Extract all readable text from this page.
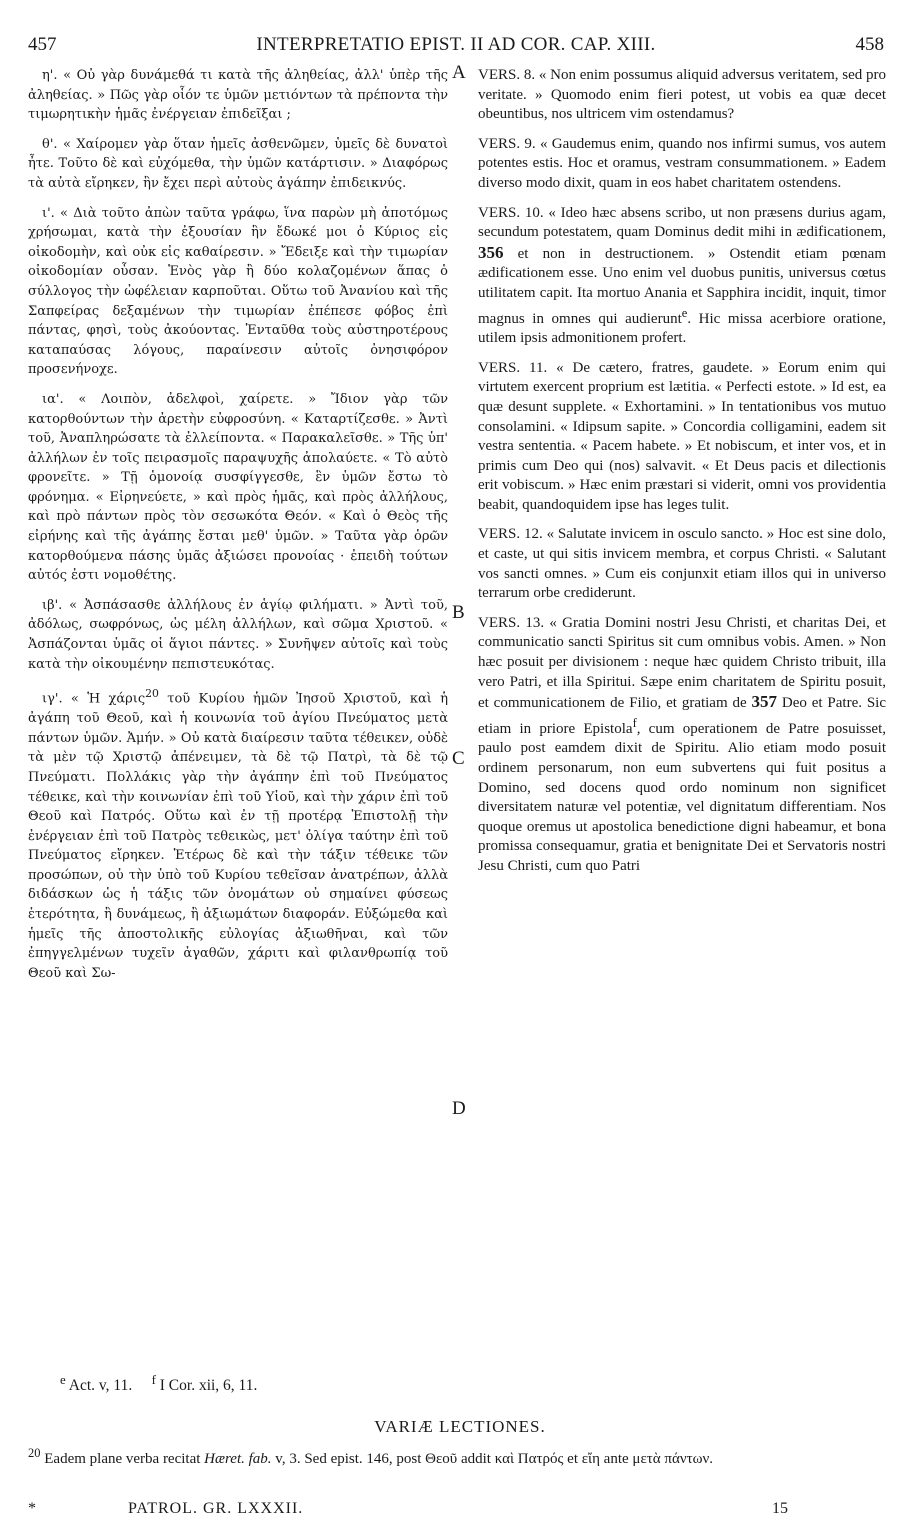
457	INTERPRETATIO EPIST. II AD COR. CAP. XIII.	458
A
B
C
D

η'. « Οὐ γὰρ δυνάμεθά τι κατὰ τῆς ἀληθείας, ἀλλ' ὑπὲρ τῆς ἀληθείας. » Πῶς γὰρ οἷόν τε ὑμῶν μετιόντων τὰ πρέποντα τὴν τιμωρητικὴν ἡμᾶς ἐνέργειαν ἐπιδεῖξαι ;

θ'. « Χαίρομεν γὰρ ὅταν ἡμεῖς ἀσθενῶμεν, ὑμεῖς δὲ δυνατοὶ ἦτε. Τοῦτο δὲ καὶ εὐχόμεθα, τὴν ὑμῶν κατάρτισιν. » Διαφόρως τὰ αὐτὰ εἴρηκεν, ἣν ἔχει περὶ αὐτοὺς ἀγάπην ἐπιδεικνύς.

ι'. « Διὰ τοῦτο ἀπὼν ταῦτα γράφω, ἵνα παρὼν μὴ ἀποτόμως χρήσωμαι, κατὰ τὴν ἐξουσίαν ἣν ἔδωκέ μοι ὁ Κύριος εἰς οἰκοδομὴν, καὶ οὐκ εἰς καθαίρεσιν. » Ἔδειξε καὶ τὴν τιμωρίαν οἰκοδομίαν οὖσαν. Ἑνὸς γὰρ ἢ δύο κολαζομένων ἅπας ὁ σύλλογος τὴν ὠφέλειαν καρποῦται. Οὕτω τοῦ Ἀνανίου καὶ τῆς Σαπφείρας δεξαμένων τὴν τιμωρίαν ἐπέπεσε φόβος ἐπὶ πάντας, φησὶ, τοὺς ἀκούοντας. Ἐνταῦθα τοὺς αὐστηροτέρους καταπαύσας λόγους, παραίνεσιν αὐτοῖς ὀνησιφόρον προσενήνοχε.

ια'. « Λοιπὸν, ἀδελφοὶ, χαίρετε. » Ἴδιον γὰρ τῶν κατορθούντων τὴν ἀρετὴν εὐφροσύνη. « Καταρτίζεσθε. » Ἀντὶ τοῦ, Ἀναπληρώσατε τὰ ἐλλείποντα. « Παρακαλεῖσθε. » Τῆς ὑπ' ἀλλήλων ἐν τοῖς πειρασμοῖς παραψυχῆς ἀπολαύετε. « Τὸ αὐτὸ φρονεῖτε. » Τῇ ὁμονοίᾳ συσφίγγεσθε, ἓν ὑμῶν ἔστω τὸ φρόνημα. « Εἰρηνεύετε, » καὶ πρὸς ἡμᾶς, καὶ πρὸς ἀλλήλους, καὶ πρὸ πάντων πρὸς τὸν σεσωκότα Θεόν. « Καὶ ὁ Θεὸς τῆς εἰρήνης καὶ τῆς ἀγάπης ἔσται μεθ' ὑμῶν. » Ταῦτα γὰρ ὁρῶν κατορθούμενα πάσης ὑμᾶς ἀξιώσει προνοίας · ἐπειδὴ τούτων αὐτός ἐστι νομοθέτης.

ιβ'. « Ἀσπάσασθε ἀλλήλους ἐν ἁγίῳ φιλήματι. » Ἀντὶ τοῦ, ἀδόλως, σωφρόνως, ὡς μέλη ἀλλήλων, καὶ σῶμα Χριστοῦ. « Ἀσπάζονται ὑμᾶς οἱ ἅγιοι πάντες. » Συνῆψεν αὐτοῖς καὶ τοὺς κατὰ τὴν οἰκουμένην πεπιστευκότας.

ιγ'. « Ἡ χάρις$^{20}$ τοῦ Κυρίου ἡμῶν Ἰησοῦ Χριστοῦ, καὶ ἡ ἀγάπη τοῦ Θεοῦ, καὶ ἡ κοινωνία τοῦ ἁγίου Πνεύματος μετὰ πάντων ὑμῶν. Ἀμήν. » Οὐ κατὰ διαίρεσιν ταῦτα τέθεικεν, οὐδὲ τὰ μὲν τῷ Χριστῷ ἀπένειμεν, τὰ δὲ τῷ Πατρὶ, τὰ δὲ τῷ Πνεύματι. Πολλάκις γὰρ τὴν ἀγάπην ἐπὶ τοῦ Πνεύματος τέθεικε, καὶ τὴν κοινωνίαν ἐπὶ τοῦ Υἱοῦ, καὶ τὴν χάριν ἐπὶ τοῦ Θεοῦ καὶ Πατρός. Οὕτω καὶ ἐν τῇ προτέρᾳ Ἐπιστολῇ τὴν ἐνέργειαν ἐπὶ τοῦ Πατρὸς τεθεικὼς, μετ' ὀλίγα ταύτην ἐπὶ τοῦ Πνεύματος εἴρηκεν. Ἑτέρως δὲ καὶ τὴν τάξιν τέθεικε τῶν προσώπων, οὐ τὴν ὑπὸ τοῦ Κυρίου τεθεῖσαν ἀνατρέπων, ἀλλὰ διδάσκων ὡς ἡ τάξις τῶν ὀνομάτων οὐ σημαίνει φύσεως ἑτερότητα, ἢ δυνάμεως, ἢ ἀξιωμάτων διαφοράν. Εὐξώμεθα καὶ ἡμεῖς τῆς ἀποστολικῆς εὐλογίας ἀξιωθῆναι, καὶ τῶν ἐπηγγελμένων τυχεῖν ἀγαθῶν, χάριτι καὶ φιλανθρωπίᾳ τοῦ Θεοῦ καὶ Σω-

VERS. 8. « Non enim possumus aliquid adversus veritatem, sed pro veritate. » Quomodo enim fieri potest, ut vobis ea quæ decet obeuntibus, nos ultricem vim ostendamus?

VERS. 9. « Gaudemus enim, quando nos infirmi sumus, vos autem potentes estis. Hoc et oramus, vestram consummationem. » Eadem diverso modo dixit, quam in eos habet charitatem ostendens.

VERS. 10. « Ideo hæc absens scribo, ut non præsens durius agam, secundum potestatem, quam Dominus dedit mihi in ædificationem, 356 et non in destructionem. » Ostendit etiam pœnam ædificationem esse. Uno enim vel duobus punitis, universus cœtus utilitatem capit. Ita mortuo Anania et Sapphira incidit, inquit, timor magnus in omnes qui audierunt$^e$. Hic missa acerbiore oratione, utilem ipsis admonitionem profert.

VERS. 11. « De cætero, fratres, gaudete. » Eorum enim qui virtutem exercent proprium est lætitia. « Perfecti estote. » Id est, ea quæ desunt supplete. « Exhortamini. » In tentationibus vos mutuo consolamini. « Idipsum sapite. » Concordia colligamini, eadem sit vestra sententia. « Pacem habete. » Et nobiscum, et inter vos, et in primis cum Deo qui (nos) salvavit. « Et Deus pacis et dilectionis erit vobiscum. » Hæc enim præstari si viderit, omni vos providentia beabit, quandoquidem ipse has leges tulit.

VERS. 12. « Salutate invicem in osculo sancto. » Hoc est sine dolo, et caste, ut qui sitis invicem membra, et corpus Christi. « Salutant vos sancti omnes. » Cum eis conjunxit etiam illos qui in universo terrarum orbe crediderunt.

VERS. 13. « Gratia Domini nostri Jesu Christi, et charitas Dei, et communicatio sancti Spiritus sit cum omnibus vobis. Amen. » Non hæc posuit per divisionem : neque hæc quidem Christo tribuit, illa vero Patri, et illa Spiritui. Sæpe enim charitatem de Spiritu posuit, et communicationem de Filio, et gratiam de 357 Deo et Patre. Sic etiam in priore Epistola$^f$, cum operationem de Patre posuisset, paulo post eamdem dixit de Spiritu. Alio etiam modo posuit ordinem personarum, non eum subvertens qui fuit positus a Domino, sed docens quod ordo nominum non significet diversitatem naturæ vel potentiæ, vel dignitatum differentiam. Nos quoque oremus ut apostolica benedictione digni habeamur, et bona promissa consequamur, gratia et benignitate Dei et Servatoris nostri Jesu Christi, cum quo Patri

$^e$ Act. v, 11. $^f$ I Cor. xii, 6, 11.
VARIÆ LECTIONES.
$^{20}$ Eadem plane verba recitat Hæret. fab. v, 3. Sed epist. 146, post Θεοῦ addit καὶ Πατρός et εἴη ante μετὰ πάντων.
*	PATROL. GR. LXXXII.	15
